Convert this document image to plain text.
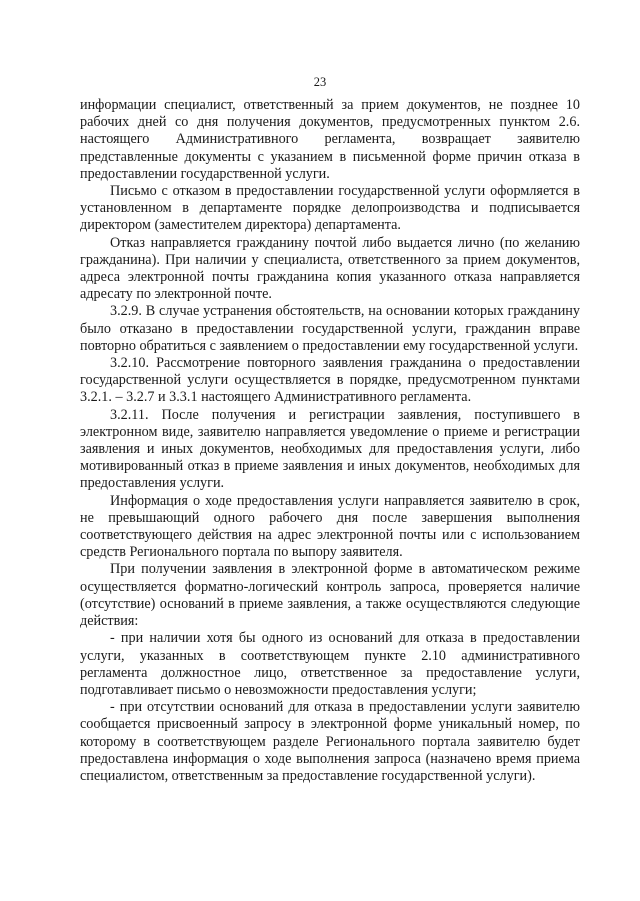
23

информации специалист, ответственный за прием документов, не позднее 10 рабочих дней со дня получения документов, предусмотренных пунктом 2.6. настоящего Административного регламента, возвращает заявителю представленные документы с указанием в письменной форме причин отказа в предоставлении государственной услуги.

Письмо с отказом в предоставлении государственной услуги оформляется в установленном в департаменте порядке делопроизводства и подписывается директором (заместителем директора) департамента.

Отказ направляется гражданину почтой либо выдается лично (по желанию гражданина). При наличии у специалиста, ответственного за прием документов, адреса электронной почты гражданина копия указанного отказа направляется адресату по электронной почте.

3.2.9. В случае устранения обстоятельств, на основании которых гражданину было отказано в предоставлении государственной услуги, гражданин вправе повторно обратиться с заявлением о предоставлении ему государственной услуги.

3.2.10. Рассмотрение повторного заявления гражданина о предоставлении государственной услуги осуществляется в порядке, предусмотренном пунктами 3.2.1. – 3.2.7 и 3.3.1 настоящего Административного регламента.

3.2.11. После получения и регистрации заявления, поступившего в электронном виде, заявителю направляется уведомление о приеме и регистрации заявления и иных документов, необходимых для предоставления услуги, либо мотивированный отказ в приеме заявления и иных документов, необходимых для предоставления услуги.

Информация о ходе предоставления услуги направляется заявителю в срок, не превышающий одного рабочего дня после завершения выполнения соответствующего действия на адрес электронной почты или с использованием средств Регионального портала по выпору заявителя.

При получении заявления в электронной форме в автоматическом режиме осуществляется форматно-логический контроль запроса, проверяется наличие (отсутствие) оснований в приеме заявления, а также осуществляются следующие действия:

- при наличии хотя бы одного из оснований для отказа в предоставлении услуги, указанных в соответствующем пункте 2.10 административного регламента должностное лицо, ответственное за предоставление услуги, подготавливает письмо о невозможности предоставления услуги;

- при отсутствии оснований для отказа в предоставлении услуги заявителю сообщается присвоенный запросу в электронной форме уникальный номер, по которому в соответствующем разделе Регионального портала заявителю будет предоставлена информация о ходе выполнения запроса (назначено время приема специалистом, ответственным за предоставление государственной услуги).
